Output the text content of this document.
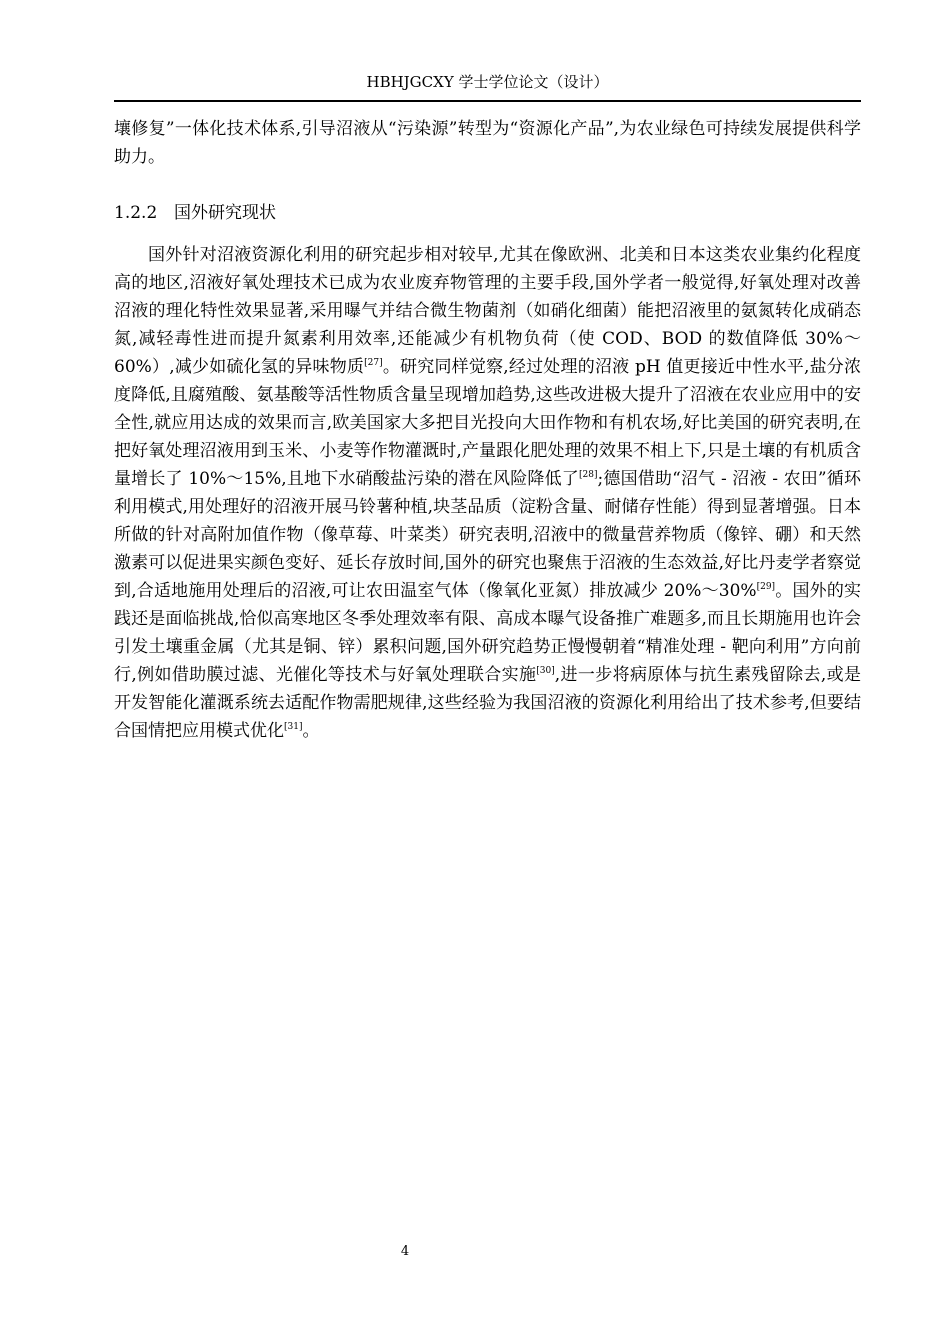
HBHJGCXY 学士学位论文（设计）

壤修复”一体化技术体系,引导沼液从“污染源”转型为“资源化产品”,为农业绿色可持续发展提供科学助力。

1.2.2 国外研究现状

国外针对沼液资源化利用的研究起步相对较早,尤其在像欧洲、北美和日本这类农业集约化程度高的地区,沼液好氧处理技术已成为农业废弃物管理的主要手段,国外学者一般觉得,好氧处理对改善沼液的理化特性效果显著,采用曝气并结合微生物菌剂（如硝化细菌）能把沼液里的氨氮转化成硝态氮,减轻毒性进而提升氮素利用效率,还能减少有机物负荷（使 COD、BOD 的数值降低 30%～60%）,减少如硫化氢的异味物质[27]。研究同样觉察,经过处理的沼液 pH 值更接近中性水平,盐分浓度降低,且腐殖酸、氨基酸等活性物质含量呈现增加趋势,这些改进极大提升了沼液在农业应用中的安全性,就应用达成的效果而言,欧美国家大多把目光投向大田作物和有机农场,好比美国的研究表明,在把好氧处理沼液用到玉米、小麦等作物灌溉时,产量跟化肥处理的效果不相上下,只是土壤的有机质含量增长了 10%～15%,且地下水硝酸盐污染的潜在风险降低了[28];德国借助“沼气 - 沼液 - 农田”循环利用模式,用处理好的沼液开展马铃薯种植,块茎品质（淀粉含量、耐储存性能）得到显著增强。日本所做的针对高附加值作物（像草莓、叶菜类）研究表明,沼液中的微量营养物质（像锌、硼）和天然激素可以促进果实颜色变好、延长存放时间,国外的研究也聚焦于沼液的生态效益,好比丹麦学者察觉到,合适地施用处理后的沼液,可让农田温室气体（像氧化亚氮）排放减少 20%～30%[29]。国外的实践还是面临挑战,恰似高寒地区冬季处理效率有限、高成本曝气设备推广难题多,而且长期施用也许会引发土壤重金属（尤其是铜、锌）累积问题,国外研究趋势正慢慢朝着“精准处理 - 靶向利用”方向前行,例如借助膜过滤、光催化等技术与好氧处理联合实施[30],进一步将病原体与抗生素残留除去,或是开发智能化灌溉系统去适配作物需肥规律,这些经验为我国沼液的资源化利用给出了技术参考,但要结合国情把应用模式优化[31]。

4
